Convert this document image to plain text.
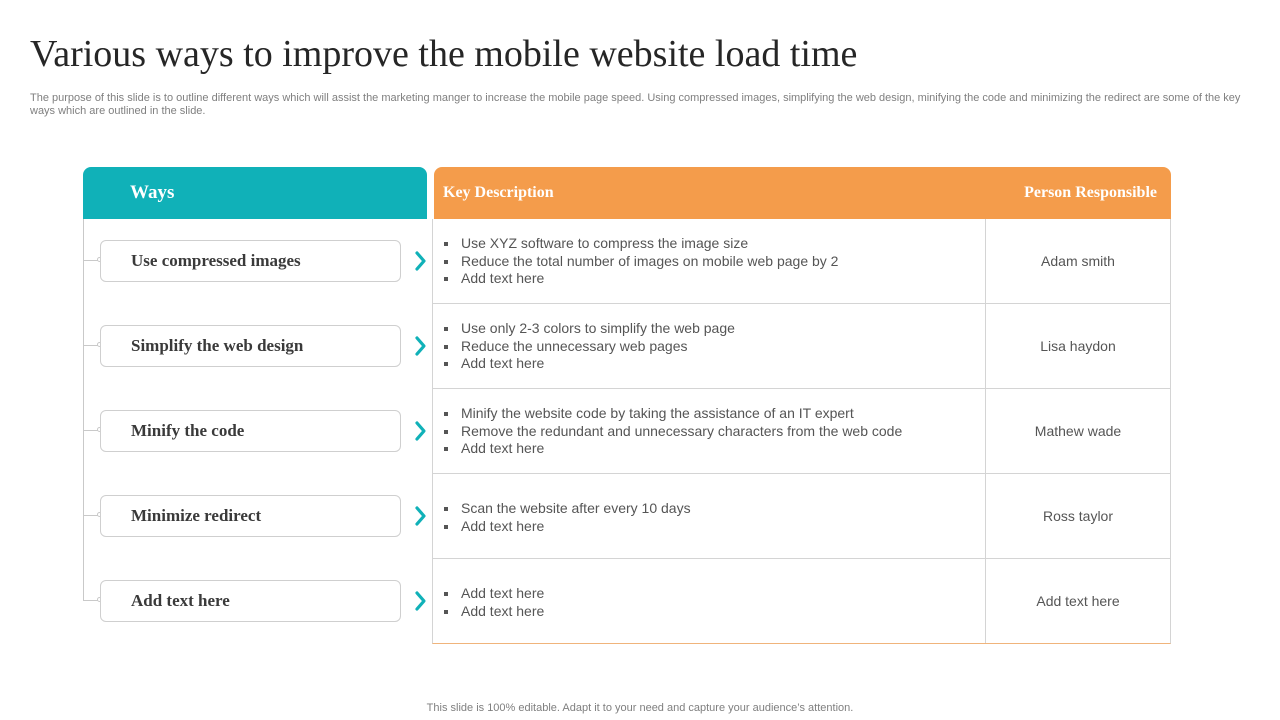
Various ways to improve the mobile website load time

The purpose of this slide is to outline different ways which will assist the marketing manger to increase the mobile page speed. Using compressed images, simplifying the web design, minifying the code and minimizing the redirect are some of the key ways which are outlined in the slide.

Ways	Key Description	Person Responsible
Use compressed images
Simplify the web design
Minify the code
Minimize redirect
Add text here
Use XYZ software to compress the image size
Reduce the total number of images on mobile web page by 2
Add text here
Adam smith
Use only 2-3 colors to simplify the web page
Reduce the unnecessary web pages
Add text here
Lisa haydon
Minify the website code by taking the assistance of an IT expert
Remove the redundant and unnecessary characters from the web code
Add text here
Mathew wade
Scan the website after every 10 days
Add text here
Ross taylor
Add text here
Add text here
Add text here
This slide is 100% editable. Adapt it to your need and capture your audience’s attention.
